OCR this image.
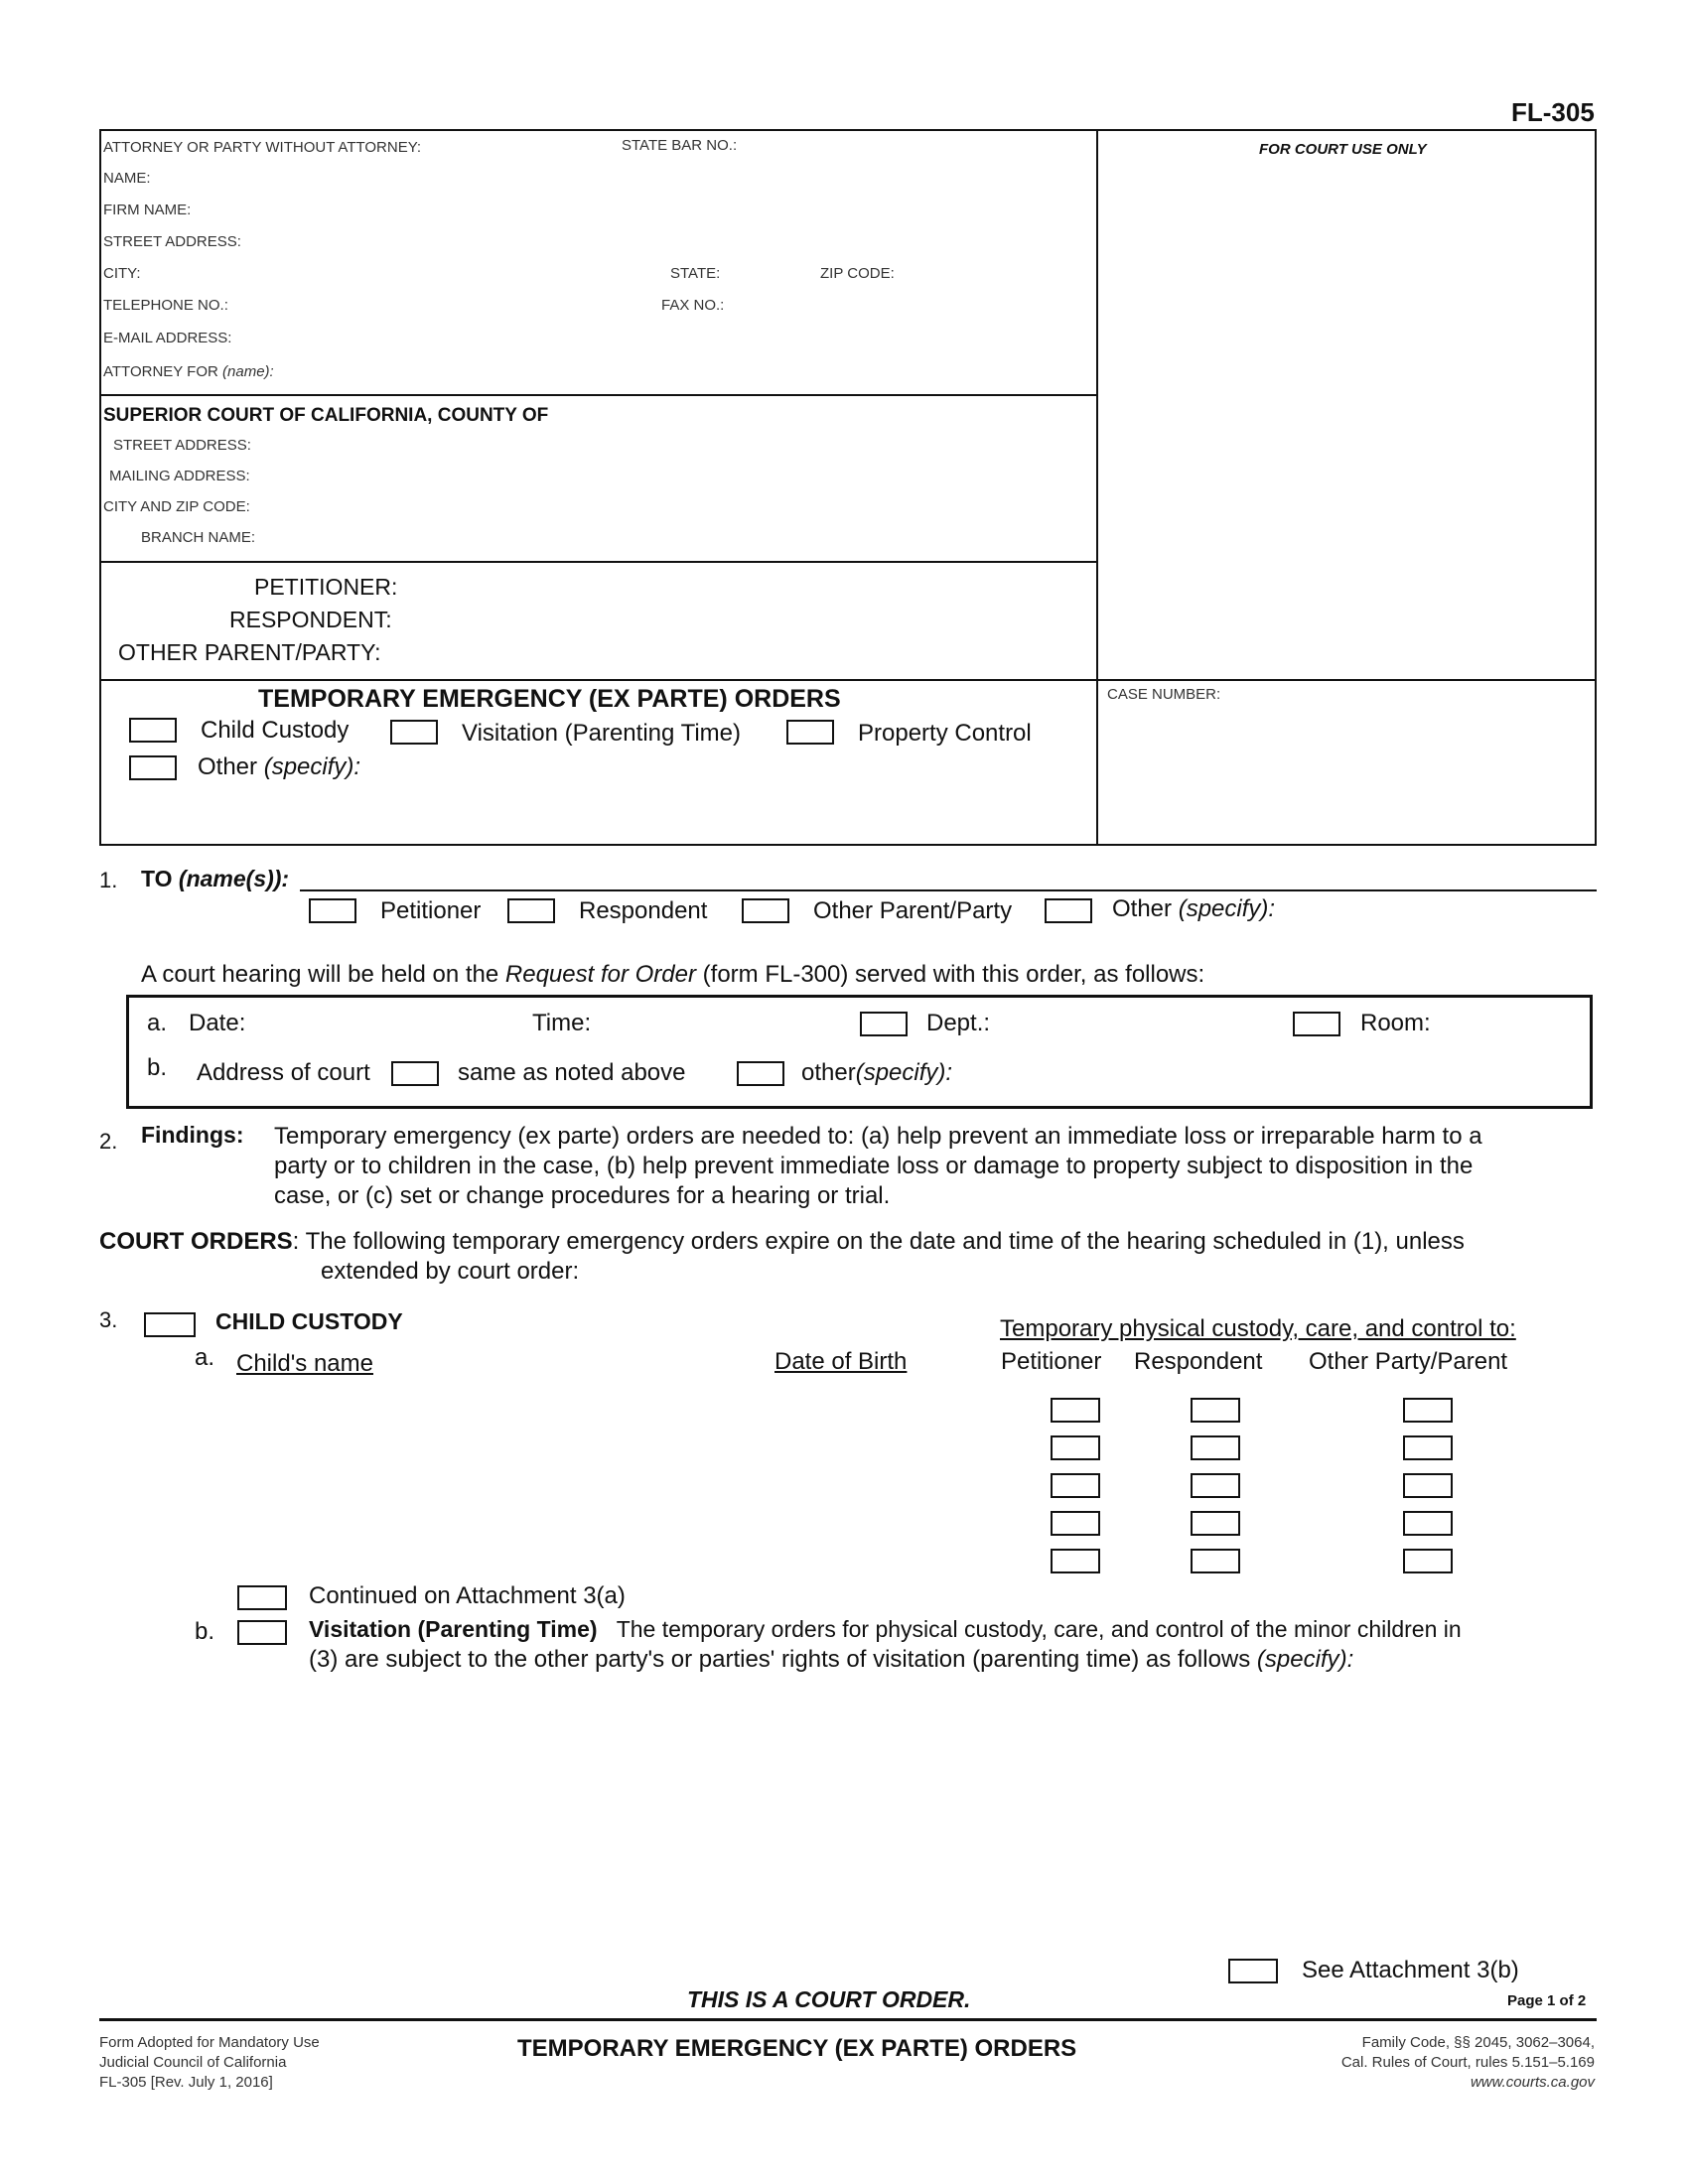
FL-305
ATTORNEY OR PARTY WITHOUT ATTORNEY:	STATE BAR NO.:
NAME:
FIRM NAME:
STREET ADDRESS:
CITY:	STATE:	ZIP CODE:
TELEPHONE NO.:	FAX NO.:
E-MAIL ADDRESS:
ATTORNEY FOR (name):
FOR COURT USE ONLY
SUPERIOR COURT OF CALIFORNIA, COUNTY OF
STREET ADDRESS:
MAILING ADDRESS:
CITY AND ZIP CODE:
BRANCH NAME:
PETITIONER:
RESPONDENT:
OTHER PARENT/PARTY:
TEMPORARY EMERGENCY (EX PARTE) ORDERS
Child Custody	Visitation (Parenting Time)	Property Control
Other (specify):
CASE NUMBER:
1. TO (name(s)):
Petitioner	Respondent	Other Parent/Party	Other (specify):
A court hearing will be held on the Request for Order (form FL-300) served with this order, as follows:
a. Date:	Time:	Dept.:	Room:
b. Address of court	same as noted above	other(specify):
2. Findings: Temporary emergency (ex parte) orders are needed to: (a) help prevent an immediate loss or irreparable harm to a
party or to children in the case, (b) help prevent immediate loss or damage to property subject to disposition in the
case, or (c) set or change procedures for a hearing or trial.
COURT ORDERS: The following temporary emergency orders expire on the date and time of the hearing scheduled in (1), unless
extended by court order:
3.	CHILD CUSTODY	Temporary physical custody, care, and control to:
a. Child's name	Date of Birth	Petitioner Respondent Other Party/Parent
Continued on Attachment 3(a)
b.	Visitation (Parenting Time) The temporary orders for physical custody, care, and control of the minor children in
(3) are subject to the other party's or parties' rights of visitation (parenting time) as follows (specify):
See Attachment 3(b)
THIS IS A COURT ORDER.	Page 1 of 2
Form Adopted for Mandatory Use
Judicial Council of California
FL-305 [Rev. July 1, 2016]
TEMPORARY EMERGENCY (EX PARTE) ORDERS	Family Code, §§ 2045, 3062–3064,
Cal. Rules of Court, rules 5.151–5.169
www.courts.ca.gov
